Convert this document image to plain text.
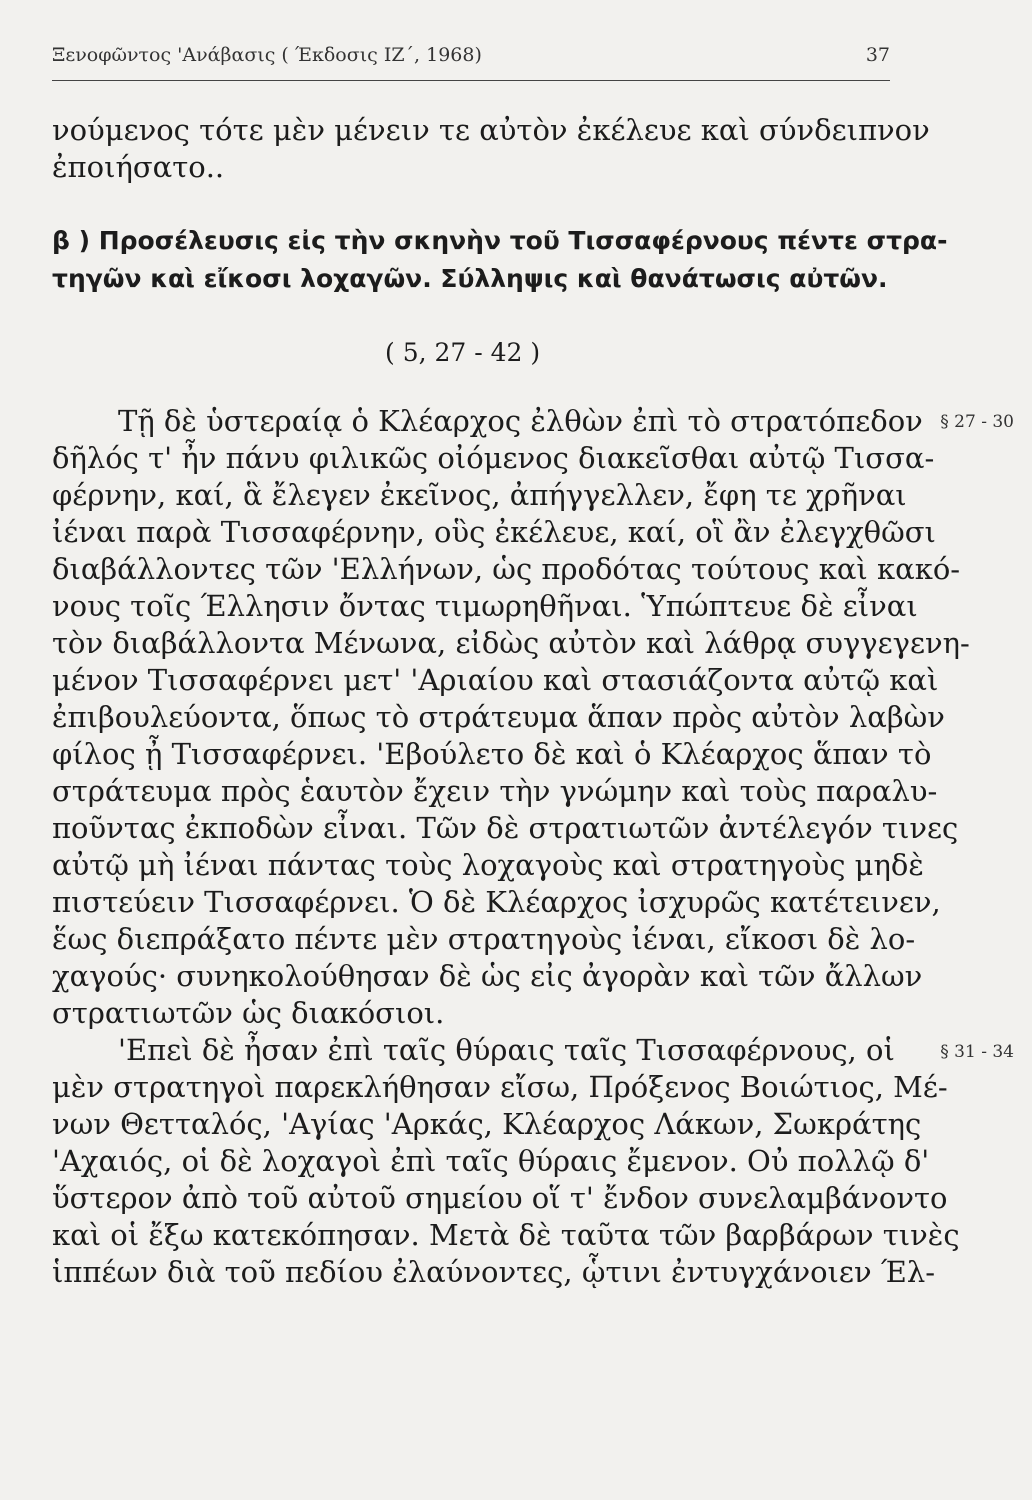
Ξενοφῶντος 'Ανάβασις ( Έκδοσις ΙΖ΄, 1968)	37
νούμενος τότε μὲν μένειν τε αὐτὸν ἐκέλευε καὶ σύνδειπνον
ἐποιήσατο..
β ) Προσέλευσις εἰς τὴν σκηνὴν τοῦ Τισσαφέρνους πέντε στρα-
τηγῶν καὶ εἴκοσι λοχαγῶν. Σύλληψις καὶ θανάτωσις αὐτῶν.
( 5, 27 - 42 )
Τῇ δὲ ὑστεραίᾳ ὁ Κλέαρχος ἐλθὼν ἐπὶ τὸ στρατόπεδον
δῆλός τ' ἦν πάνυ φιλικῶς οἰόμενος διακεῖσθαι αὐτῷ Τισσα-
φέρνην, καί, ἃ ἔλεγεν ἐκεῖνος, ἀπήγγελλεν, ἔφη τε χρῆναι
ἰέναι παρὰ Τισσαφέρνην, οὓς ἐκέλευε, καί, οἳ ἂν ἐλεγχθῶσι
διαβάλλοντες τῶν 'Ελλήνων, ὡς προδότας τούτους καὶ κακό-
νους τοῖς Έλλησιν ὄντας τιμωρηθῆναι. Ὑπώπτευε δὲ εἶναι
τὸν διαβάλλοντα Μένωνα, εἰδὼς αὐτὸν καὶ λάθρᾳ συγγεγενη-
μένον Τισσαφέρνει μετ' 'Αριαίου καὶ στασιάζοντα αὐτῷ καὶ
ἐπιβουλεύοντα, ὅπως τὸ στράτευμα ἅπαν πρὸς αὐτὸν λαβὼν
φίλος ᾖ Τισσαφέρνει. 'Εβούλετο δὲ καὶ ὁ Κλέαρχος ἅπαν τὸ
στράτευμα πρὸς ἑαυτὸν ἔχειν τὴν γνώμην καὶ τοὺς παραλυ-
ποῦντας ἐκποδὼν εἶναι. Τῶν δὲ στρατιωτῶν ἀντέλεγόν τινες
αὐτῷ μὴ ἰέναι πάντας τοὺς λοχαγοὺς καὶ στρατηγοὺς μηδὲ
πιστεύειν Τισσαφέρνει. Ὁ δὲ Κλέαρχος ἰσχυρῶς κατέτεινεν,
ἕως διεπράξατο πέντε μὲν στρατηγοὺς ἰέναι, εἴκοσι δὲ λο-
χαγούς· συνηκολούθησαν δὲ ὡς εἰς ἀγορὰν καὶ τῶν ἄλλων
στρατιωτῶν ὡς διακόσιοι.
'Επεὶ δὲ ἦσαν ἐπὶ ταῖς θύραις ταῖς Τισσαφέρνους, οἱ
μὲν στρατηγοὶ παρεκλήθησαν εἴσω, Πρόξενος Βοιώτιος, Μέ-
νων Θετταλός, 'Αγίας 'Αρκάς, Κλέαρχος Λάκων, Σωκράτης
'Αχαιός, οἱ δὲ λοχαγοὶ ἐπὶ ταῖς θύραις ἔμενον. Οὐ πολλῷ δ'
ὕστερον ἀπὸ τοῦ αὐτοῦ σημείου οἵ τ' ἔνδον συνελαμβάνοντο
καὶ οἱ ἔξω κατεκόπησαν. Μετὰ δὲ ταῦτα τῶν βαρβάρων τινὲς
ἱππέων διὰ τοῦ πεδίου ἐλαύνοντες, ᾧτινι ἐντυγχάνοιεν Έλ-
§ 27 - 30
§ 31 - 34
